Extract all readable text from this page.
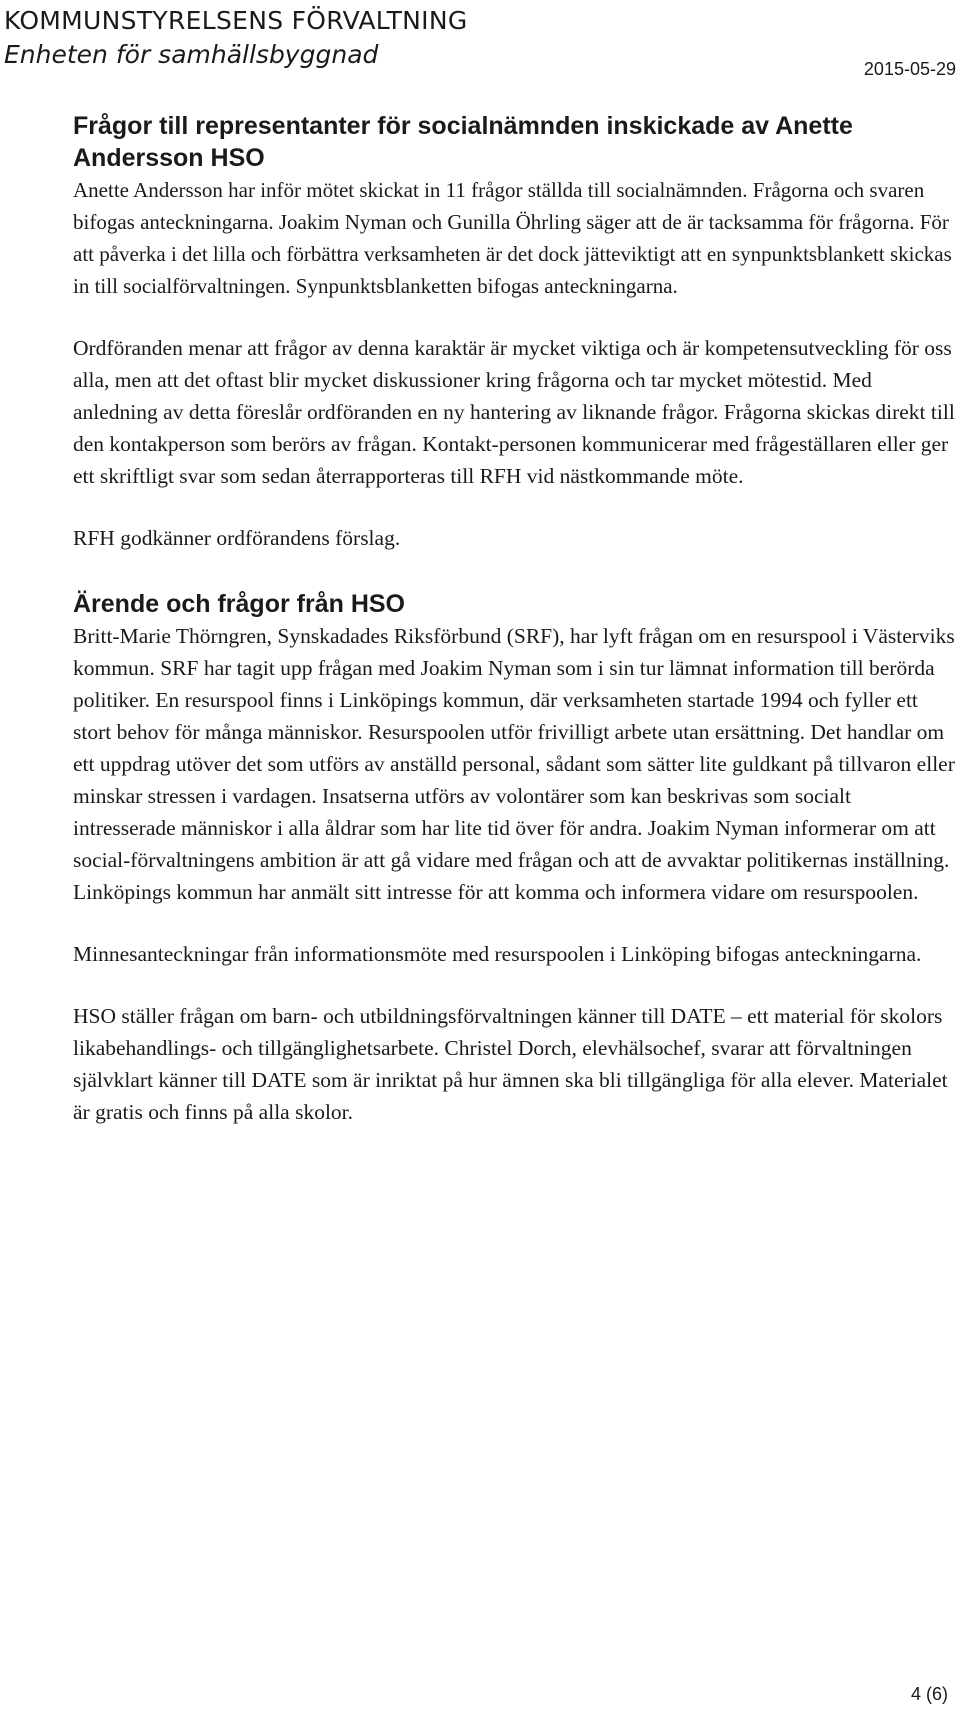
KOMMUNSTYRELSENS FÖRVALTNING
Enheten för samhällsbyggnad	2015-05-29
Frågor till representanter för socialnämnden inskickade av Anette Andersson HSO

Anette Andersson har inför mötet skickat in 11 frågor ställda till socialnämnden. Frågorna och svaren bifogas anteckningarna. Joakim Nyman och Gunilla Öhrling säger att de är tacksamma för frågorna. För att påverka i det lilla och förbättra verksamheten är det dock jätteviktigt att en synpunktsblankett skickas in till socialförvaltningen. Synpunktsblanketten bifogas anteckningarna.

Ordföranden menar att frågor av denna karaktär är mycket viktiga och är kompetensutveckling för oss alla, men att det oftast blir mycket diskussioner kring frågorna och tar mycket mötestid. Med anledning av detta föreslår ordföranden en ny hantering av liknande frågor. Frågorna skickas direkt till den kontakperson som berörs av frågan. Kontakt-personen kommunicerar med frågeställaren eller ger ett skriftligt svar som sedan återrapporteras till RFH vid nästkommande möte.

RFH godkänner ordförandens förslag.

Ärende och frågor från HSO

Britt-Marie Thörngren, Synskadades Riksförbund (SRF), har lyft frågan om en resurspool i Västerviks kommun. SRF har tagit upp frågan med Joakim Nyman som i sin tur lämnat information till berörda politiker. En resurspool finns i Linköpings kommun, där verksamheten startade 1994 och fyller ett stort behov för många människor. Resurspoolen utför frivilligt arbete utan ersättning. Det handlar om ett uppdrag utöver det som utförs av anställd personal, sådant som sätter lite guldkant på tillvaron eller minskar stressen i vardagen. Insatserna utförs av volontärer som kan beskrivas som socialt intresserade människor i alla åldrar som har lite tid över för andra. Joakim Nyman informerar om att social-förvaltningens ambition är att gå vidare med frågan och att de avvaktar politikernas inställning. Linköpings kommun har anmält sitt intresse för att komma och informera vidare om resurspoolen.

Minnesanteckningar från informationsmöte med resurspoolen i Linköping bifogas anteckningarna.

HSO ställer frågan om barn- och utbildningsförvaltningen känner till DATE – ett material för skolors likabehandlings- och tillgänglighetsarbete. Christel Dorch, elevhälsochef, svarar att förvaltningen självklart känner till DATE som är inriktat på hur ämnen ska bli tillgängliga för alla elever. Materialet är gratis och finns på alla skolor.

4 (6)
